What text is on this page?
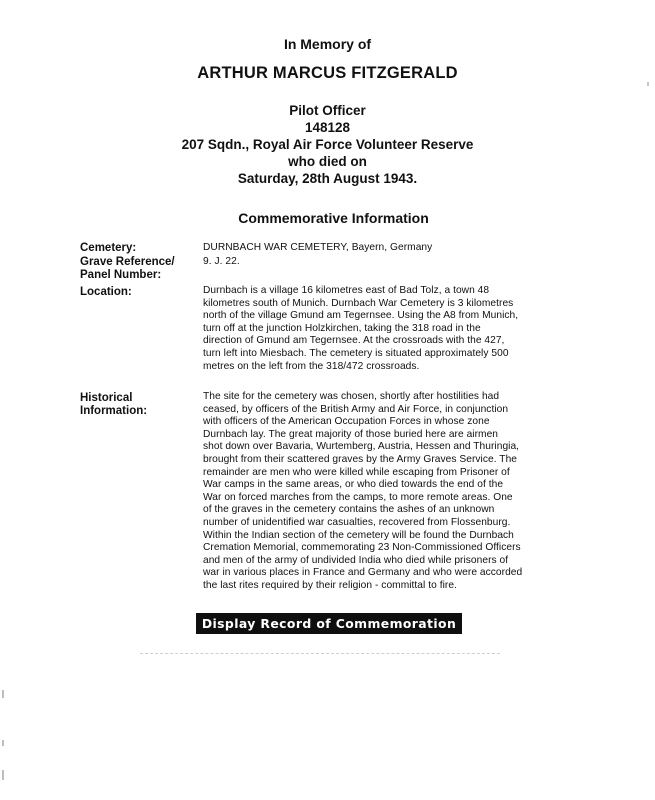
In Memory of
ARTHUR MARCUS FITZGERALD
Pilot Officer
148128
207 Sqdn., Royal Air Force Volunteer Reserve
who died on
Saturday, 28th August 1943.
Commemorative Information
Cemetery:	DURNBACH WAR CEMETERY, Bayern, Germany
Grave Reference/
Panel Number:
9. J. 22.
Location:	Durnbach is a village 16 kilometres east of Bad Tolz, a town 48
kilometres south of Munich. Durnbach War Cemetery is 3 kilometres
north of the village Gmund am Tegernsee. Using the A8 from Munich,
turn off at the junction Holzkirchen, taking the 318 road in the
direction of Gmund am Tegernsee. At the crossroads with the 427,
turn left into Miesbach. The cemetery is situated approximately 500
metres on the left from the 318/472 crossroads.
Historical
Information:
The site for the cemetery was chosen, shortly after hostilities had
ceased, by officers of the British Army and Air Force, in conjunction
with officers of the American Occupation Forces in whose zone
Durnbach lay. The great majority of those buried here are airmen
shot down over Bavaria, Wurtemberg, Austria, Hessen and Thuringia,
brought from their scattered graves by the Army Graves Service. The
remainder are men who were killed while escaping from Prisoner of
War camps in the same areas, or who died towards the end of the
War on forced marches from the camps, to more remote areas. One
of the graves in the cemetery contains the ashes of an unknown
number of unidentified war casualties, recovered from Flossenburg.
Within the Indian section of the cemetery will be found the Durnbach
Cremation Memorial, commemorating 23 Non-Commissioned Officers
and men of the army of undivided India who died while prisoners of
war in various places in France and Germany and who were accorded
the last rites required by their religion - committal to fire.
Display Record of Commemoration
